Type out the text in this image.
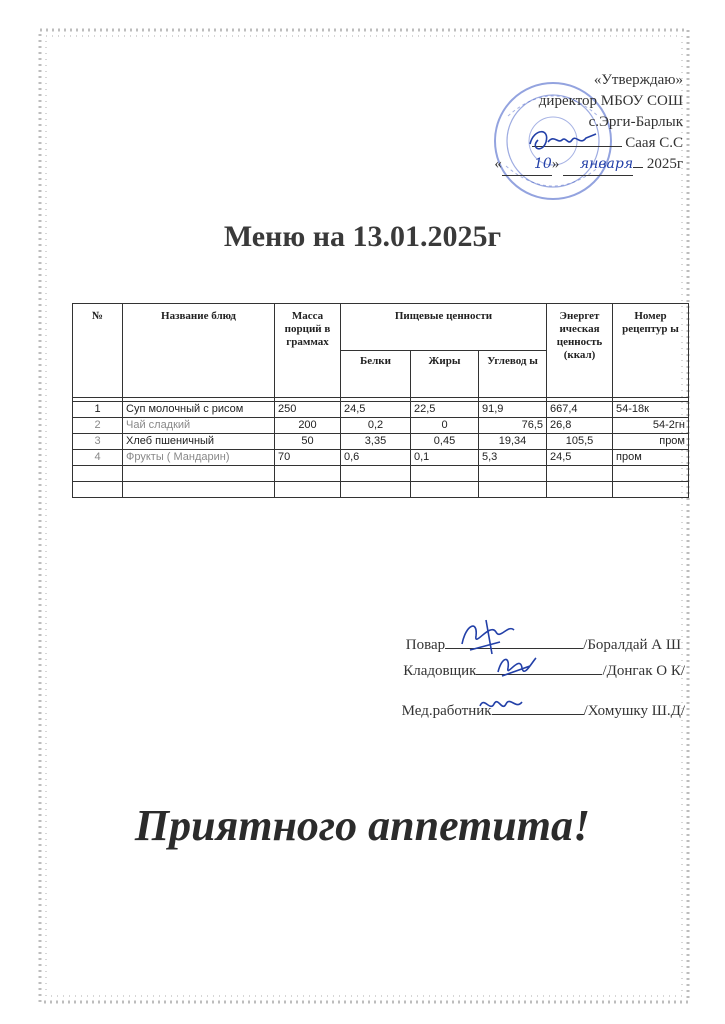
«Утверждаю»
директор МБОУ СОШ
с.Эрги-Барлык
Саая С.С
« 10» января 2025г
Меню на 13.01.2025г
№	Название блюд	Масса порций в граммах	Пищевые ценности			Энергет ическая ценность (ккал)	Номер рецептур ы
			Белки	Жиры	Углевод ы		

1	Суп молочный с рисом	250	24,5	22,5	91,9	667,4	54-18к
2	Чай сладкий	200	0,2	0	76,5	26,8	54-2гн
3	Хлеб пшеничный	50	3,35	0,45	19,34	105,5	пром
4	Фрукты ( Мандарин)	70	0,6	0,1	5,3	24,5	пром

Повар	/Боралдай А Ш
Кладовщик	/Донгак О К/
Мед.работник	/Хомушку Ш.Д/
Приятного аппетита!
